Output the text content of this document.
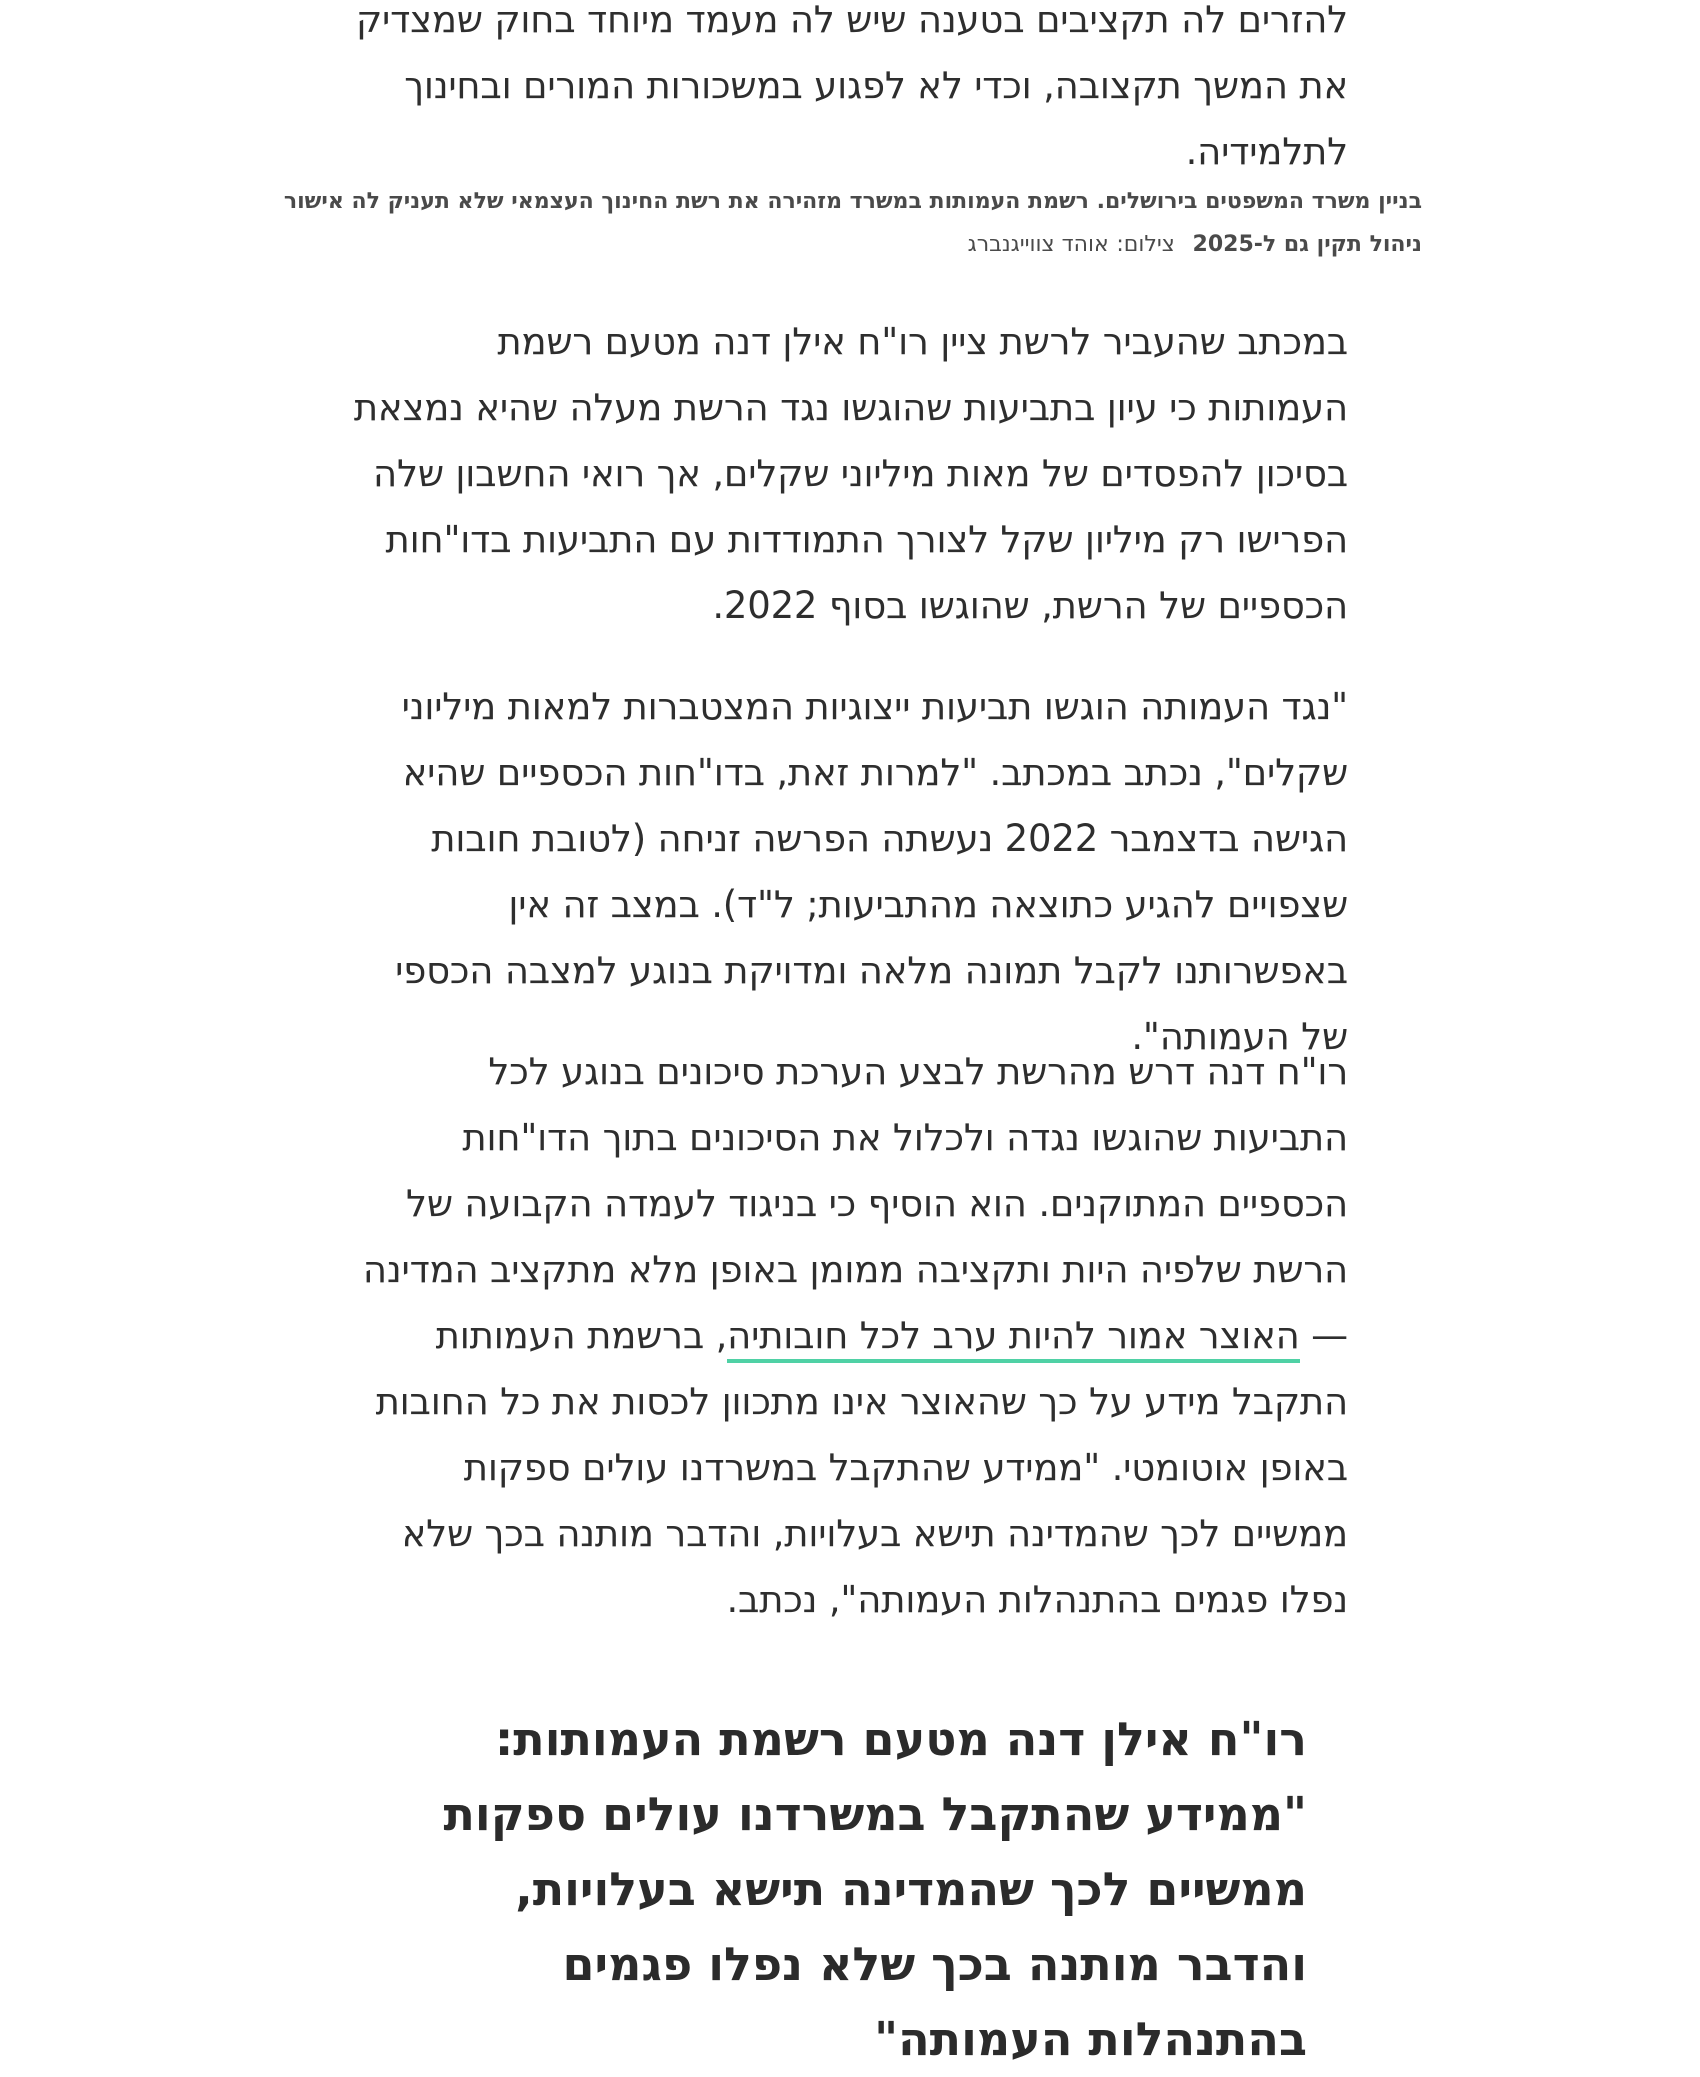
להזרים לה תקציבים בטענה שיש לה מעמד מיוחד בחוק שמצדיק את המשך תקצובה, וכדי לא לפגוע במשכורות המורים ובחינוך לתלמידיה.

בניין משרד המשפטים בירושלים. רשמת העמותות במשרד מזהירה את רשת החינוך העצמאי שלא תעניק לה אישור ניהול תקין גם ל-2025 צילום: אוהד צווייגנברג

במכתב שהעביר לרשת ציין רו"ח אילן דנה מטעם רשמת העמותות כי עיון בתביעות שהוגשו נגד הרשת מעלה שהיא נמצאת בסיכון להפסדים של מאות מיליוני שקלים, אך רואי החשבון שלה הפרישו רק מיליון שקל לצורך התמודדות עם התביעות בדו"חות הכספיים של הרשת, שהוגשו בסוף 2022.

"נגד העמותה הוגשו תביעות ייצוגיות המצטברות למאות מיליוני שקלים", נכתב במכתב. "למרות זאת, בדו"חות הכספיים שהיא הגישה בדצמבר 2022 נעשתה הפרשה זניחה (לטובת חובות שצפויים להגיע כתוצאה מהתביעות; ל"ד). במצב זה אין באפשרותנו לקבל תמונה מלאה ומדויקת בנוגע למצבה הכספי של העמותה".

רו"ח דנה דרש מהרשת לבצע הערכת סיכונים בנוגע לכל התביעות שהוגשו נגדה ולכלול את הסיכונים בתוך הדו"חות הכספיים המתוקנים. הוא הוסיף כי בניגוד לעמדה הקבועה של הרשת שלפיה היות ותקציבה ממומן באופן מלא מתקציב המדינה — האוצר אמור להיות ערב לכל חובותיה, ברשמת העמותות התקבל מידע על כך שהאוצר אינו מתכוון לכסות את כל החובות באופן אוטומטי. "ממידע שהתקבל במשרדנו עולים ספקות ממשיים לכך שהמדינה תישא בעלויות, והדבר מותנה בכך שלא נפלו פגמים בהתנהלות העמותה", נכתב.

רו"ח אילן דנה מטעם רשמת העמותות: "ממידע שהתקבל במשרדנו עולים ספקות ממשיים לכך שהמדינה תישא בעלויות, והדבר מותנה בכך שלא נפלו פגמים בהתנהלות העמותה"
